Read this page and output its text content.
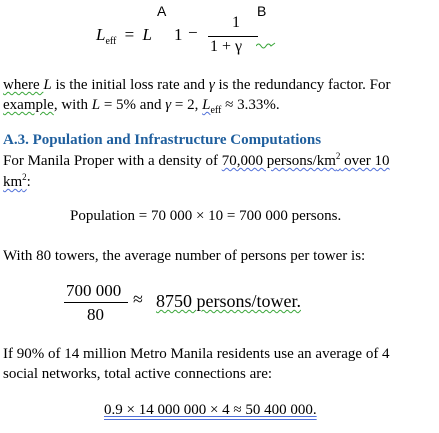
A	B
$L_{eff} = L$ 1 −
1
1 + γ
where L is the initial loss rate and γ is the redundancy factor. For
example, with L = 5% and γ = 2, $L_{eff} \approx 3.33\%$.
A.3. Population and Infrastructure Computations
For Manila Proper with a density of 70,000 persons/$km^2$ over 10
$km^2$:
Population = 70 000 × 10 = 700 000 persons.
With 80 towers, the average number of persons per tower is:
700 000
80
≈ 8750 persons/tower.
If 90% of 14 million Metro Manila residents use an average of 4
social networks, total active connections are:
0.9 × 14 000 000 × 4 ≈ 50 400 000.
